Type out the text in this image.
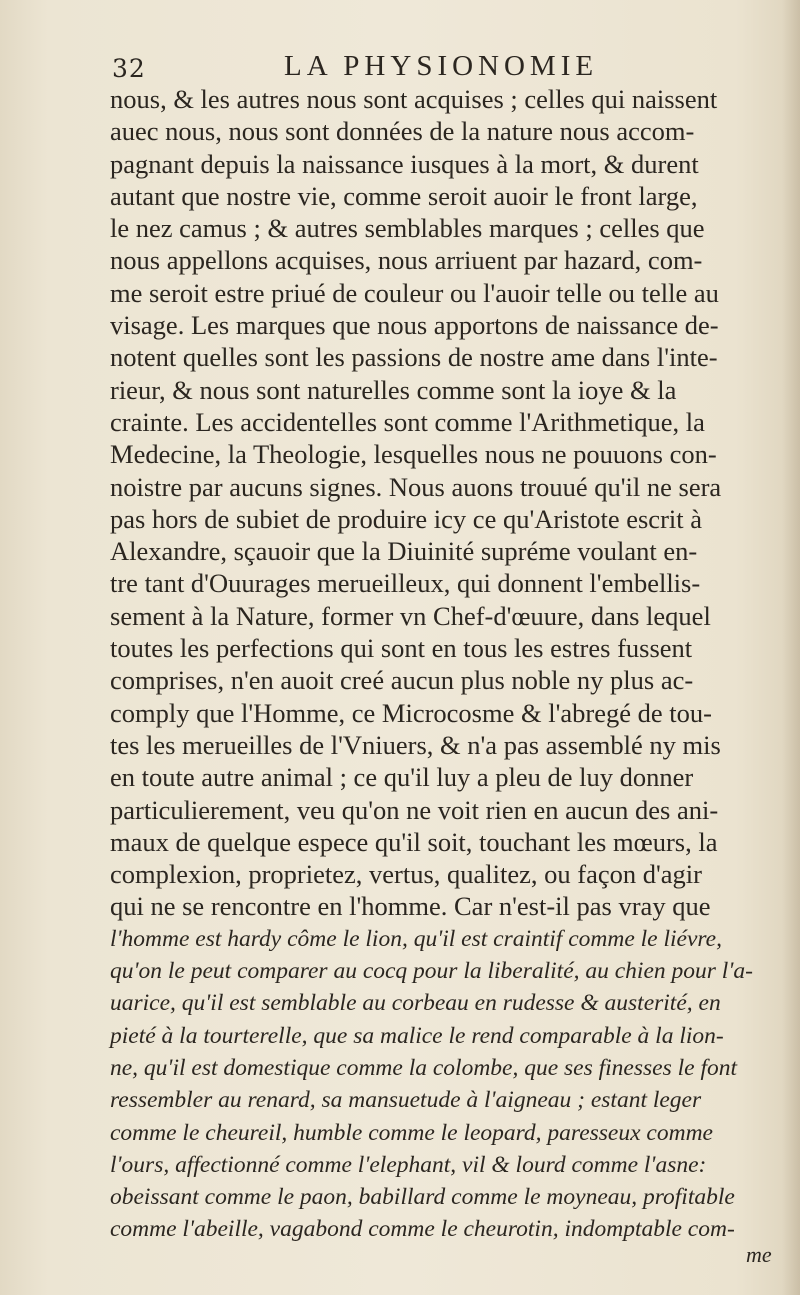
32	LA PHYSIONOMIE
nous, & les autres nous sont acquises ; celles qui naissent
auec nous, nous sont données de la nature nous accom-
pagnant depuis la naissance iusques à la mort, & durent
autant que nostre vie, comme seroit auoir le front large,
le nez camus ; & autres semblables marques ; celles que
nous appellons acquises, nous arriuent par hazard, com-
me seroit estre priué de couleur ou l'auoir telle ou telle au
visage. Les marques que nous apportons de naissance de-
notent quelles sont les passions de nostre ame dans l'inte-
rieur, & nous sont naturelles comme sont la ioye & la
crainte. Les accidentelles sont comme l'Arithmetique, la
Medecine, la Theologie, lesquelles nous ne pouuons con-
noistre par aucuns signes. Nous auons trouué qu'il ne sera
pas hors de subiet de produire icy ce qu'Aristote escrit à
Alexandre, sçauoir que la Diuinité supréme voulant en-
tre tant d'Ouurages merueilleux, qui donnent l'embellis-
sement à la Nature, former vn Chef-d'œuure, dans lequel
toutes les perfections qui sont en tous les estres fussent
comprises, n'en auoit creé aucun plus noble ny plus ac-
comply que l'Homme, ce Microcosme & l'abregé de tou-
tes les merueilles de l'Vniuers, & n'a pas assemblé ny mis
en toute autre animal ; ce qu'il luy a pleu de luy donner
particulierement, veu qu'on ne voit rien en aucun des ani-
maux de quelque espece qu'il soit, touchant les mœurs, la
complexion, proprietez, vertus, qualitez, ou façon d'agir
qui ne se rencontre en l'homme. Car n'est-il pas vray que
l'homme est hardy côme le lion, qu'il est craintif comme le liévre,
qu'on le peut comparer au cocq pour la liberalité, au chien pour l'a-
uarice, qu'il est semblable au corbeau en rudesse & austerité, en
pieté à la tourterelle, que sa malice le rend comparable à la lion-
ne, qu'il est domestique comme la colombe, que ses finesses le font
ressembler au renard, sa mansuetude à l'aigneau ; estant leger
comme le cheureil, humble comme le leopard, paresseux comme
l'ours, affectionné comme l'elephant, vil & lourd comme l'asne:
obeissant comme le paon, babillard comme le moyneau, profitable
comme l'abeille, vagabond comme le cheurotin, indomptable com-
me
